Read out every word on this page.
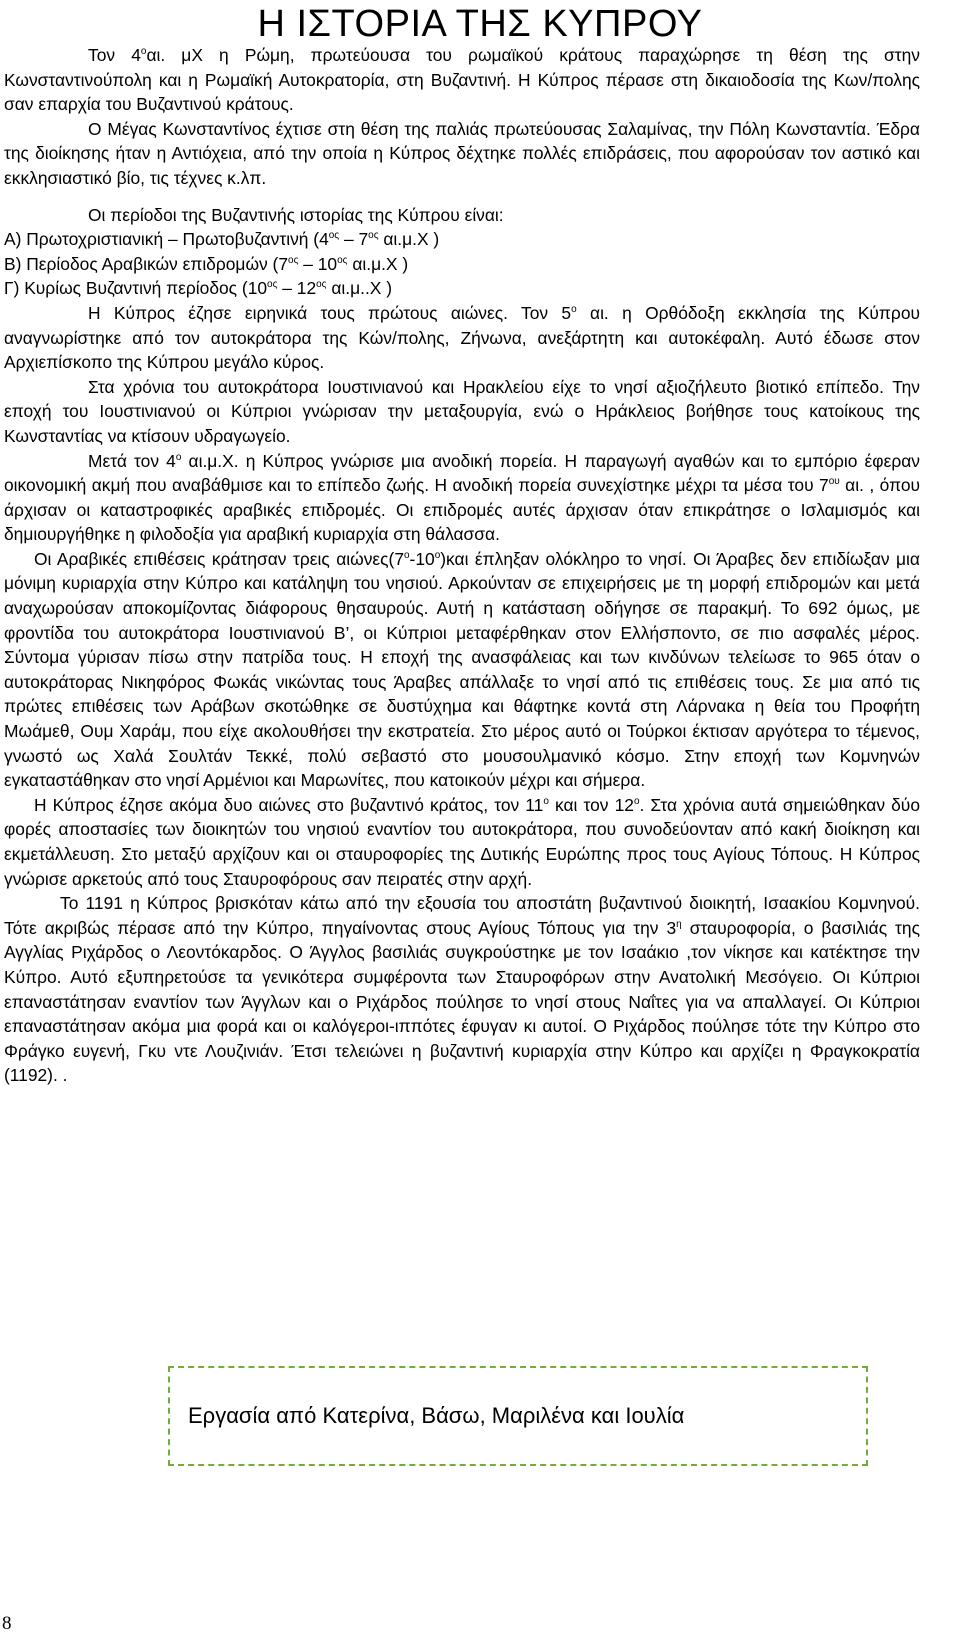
Η ΙΣΤΟΡΙΑ ΤΗΣ ΚΥΠΡΟΥ

Τον $4^o\alpha\iota$. μΧ η Ρώμη, πρωτεύουσα του ρωμαϊκού κράτους παραχώρησε τη θέση της στην Κωνσταντινούπολη και η Ρωμαϊκή Αυτοκρατορία, στη Βυζαντινή. Η Κύπρος πέρασε στη δικαιοδοσία της Κων/πολης σαν επαρχία του Βυζαντινού κράτους.

Ο Μέγας Κωνσταντίνος έχτισε στη θέση της παλιάς πρωτεύουσας Σαλαμίνας, την Πόλη Κωνσταντία. Έδρα της διοίκησης ήταν η Αντιόχεια, από την οποία η Κύπρος δέχτηκε πολλές επιδράσεις, που αφορούσαν τον αστικό και εκκλησιαστικό βίο, τις τέχνες κ.λπ.

Οι περίοδοι της Βυζαντινής ιστορίας της Κύπρου είναι:
Α) Πρωτοχριστιανική – Πρωτοβυζαντινή ($4^{o\varsigma} - 7^{o\varsigma}$ αι.μ.Χ )
Β) Περίοδος Αραβικών επιδρομών ($7^{o\varsigma} - 10^{o\varsigma}$ αι.μ.Χ )
Γ) Κυρίως Βυζαντινή περίοδος ($10^{o\varsigma} - 12^{o\varsigma}$ αι.μ..Χ )

Η Κύπρος έζησε ειρηνικά τους πρώτους αιώνες. Τον $5^o$ αι. η Ορθόδοξη εκκλησία της Κύπρου αναγνωρίστηκε από τον αυτοκράτορα της Κών/πολης, Ζήνωνα, ανεξάρτητη και αυτοκέφαλη. Αυτό έδωσε στον Αρχιεπίσκοπο της Κύπρου μεγάλο κύρος.

Στα χρόνια του αυτοκράτορα Ιουστινιανού και Ηρακλείου είχε το νησί αξιοζήλευτο βιοτικό επίπεδο. Την εποχή του Ιουστινιανού οι Κύπριοι γνώρισαν την μεταξουργία, ενώ ο Ηράκλειος βοήθησε τους κατοίκους της Κωνσταντίας να κτίσουν υδραγωγείο.

Μετά τον $4^o$ αι.μ.Χ. η Κύπρος γνώρισε μια ανοδική πορεία. Η παραγωγή αγαθών και το εμπόριο έφεραν οικονομική ακμή που αναβάθμισε και το επίπεδο ζωής. Η ανοδική πορεία συνεχίστηκε μέχρι τα μέσα του $7^{o\upsilon}$ αι. , όπου άρχισαν οι καταστροφικές αραβικές επιδρομές. Οι επιδρομές αυτές άρχισαν όταν επικράτησε ο Ισλαμισμός και δημιουργήθηκε η φιλοδοξία για αραβική κυριαρχία στη θάλασσα.

Οι Αραβικές επιθέσεις κράτησαν τρεις $\alpha\iota ώ\nu\varepsilon\varsigma(7^o-10^o)\kappa\alpha\iota$ έπληξαν ολόκληρο το νησί. Οι Άραβες δεν επιδίωξαν μια μόνιμη κυριαρχία στην Κύπρο και κατάληψη του νησιού. Αρκούνταν σε επιχειρήσεις με τη μορφή επιδρομών και μετά αναχωρούσαν αποκομίζοντας διάφορους θησαυρούς. Αυτή η κατάσταση οδήγησε σε παρακμή. Το 692 όμως, με φροντίδα του αυτοκράτορα Ιουστινιανού Β’, οι Κύπριοι μεταφέρθηκαν στον Ελλήσποντο, σε πιο ασφαλές μέρος. Σύντομα γύρισαν πίσω στην πατρίδα τους. Η εποχή της ανασφάλειας και των κινδύνων τελείωσε το 965 όταν ο αυτοκράτορας Νικηφόρος Φωκάς νικώντας τους Άραβες απάλλαξε το νησί από τις επιθέσεις τους. Σε μια από τις πρώτες επιθέσεις των Αράβων σκοτώθηκε σε δυστύχημα και θάφτηκε κοντά στη Λάρνακα η θεία του Προφήτη Μωάμεθ, Ουμ Χαράμ, που είχε ακολουθήσει την εκστρατεία. Στο μέρος αυτό οι Τούρκοι έκτισαν αργότερα το τέμενος, γνωστό ως Χαλά Σουλτάν Τεκκέ, πολύ σεβαστό στο μουσουλμανικό κόσμο. Στην εποχή των Κομνηνών εγκαταστάθηκαν στο νησί Αρμένιοι και Μαρωνίτες, που κατοικούν μέχρι και σήμερα.

Η Κύπρος έζησε ακόμα δυο αιώνες στο βυζαντινό κράτος, τον $11^o$ και τον $12^o$. Στα χρόνια αυτά σημειώθηκαν δύο φορές αποστασίες των διοικητών του νησιού εναντίον του αυτοκράτορα, που συνοδεύονταν από κακή διοίκηση και εκμετάλλευση. Στο μεταξύ αρχίζουν και οι σταυροφορίες της Δυτικής Ευρώπης προς τους Αγίους Τόπους. Η Κύπρος γνώρισε αρκετούς από τους Σταυροφόρους σαν πειρατές στην αρχή.

Το 1191 η Κύπρος βρισκόταν κάτω από την εξουσία του αποστάτη βυζαντινού διοικητή, Ισαακίου Κομνηνού. Τότε ακριβώς πέρασε από την Κύπρο, πηγαίνοντας στους Αγίους Τόπους για την $3^\eta$ σταυροφορία, ο βασιλιάς της Αγγλίας Ριχάρδος ο Λεοντόκαρδος. Ο Άγγλος βασιλιάς συγκρούστηκε με τον Ισαάκιο ,τον νίκησε και κατέκτησε την Κύπρο. Αυτό εξυπηρετούσε τα γενικότερα συμφέροντα των Σταυροφόρων στην Ανατολική Μεσόγειο. Οι Κύπριοι επαναστάτησαν εναντίον των Άγγλων και ο Ριχάρδος πούλησε το νησί στους Ναΐτες για να απαλλαγεί. Οι Κύπριοι επαναστάτησαν ακόμα μια φορά και οι καλόγεροι-ιππότες έφυγαν κι αυτοί. Ο Ριχάρδος πούλησε τότε την Κύπρο στο Φράγκο ευγενή, Γκυ ντε Λουζινιάν. Έτσι τελειώνει η βυζαντινή κυριαρχία στην Κύπρο και αρχίζει η Φραγκοκρατία (1192). .

Εργασία από Κατερίνα, Βάσω, Μαριλένα και Ιουλία
8
